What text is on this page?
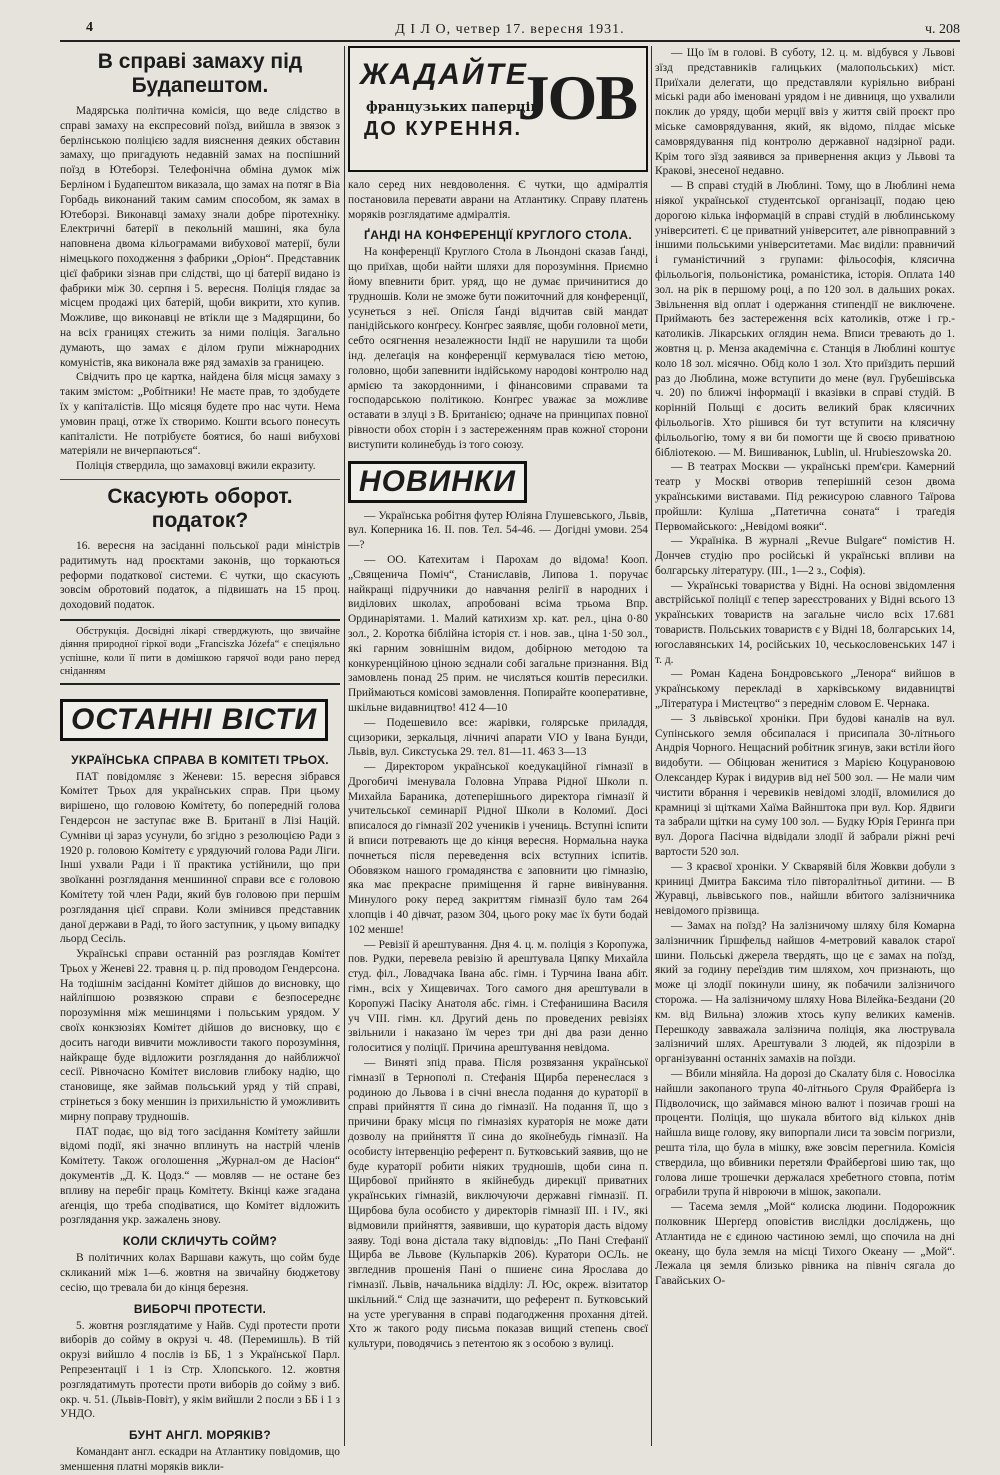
4	Д І Л О, четвер 17. вересня 1931.	ч. 208
В справі замаху під Будапештом.

Мадярська політична комісія, що веде слідство в справі замаху на експресовий поїзд, вийшла в звязок з берлінською поліцією задля вияснення деяких обставин замаху, що пригадують недавній замах на поспішний поїзд в Ютеборзі. Телефонічна обміна думок між Берліном і Будапештом виказала, що замах на потяг в Віа Горбадь виконаний таким самим способом, як замах в Ютеборзі. Виконавці замаху знали добре піротехніку. Електричні батерії в пекольній машині, яка була наповнена двома кільограмами вибухової матерії, були німецького походження з фабрики „Оріон“. Представник цієї фабрики зізнав при слідстві, що ці батерії видано із фабрики між 30. серпня і 5. вересня. Поліція глядає за місцем продажі цих батерій, щоби викрити, хто купив. Можливе, що виконавці не втікли ще з Мадярщини, бо на всіх границях стежить за ними поліція. Загально думають, що замах є ділом ґрупи міжнародних комуністів, яка виконала вже ряд замахів за границею.

Свідчить про це картка, найдена біля місця замаху з таким змістом: „Робітники! Не маєте прав, то здобудете їх у капіталістів. Що місяця будете про нас чути. Нема умовин праці, отже їх створимо. Кошти всього понесуть капіталісти. Не потрібуєте боятися, бо наші вибухові матеріяли не вичерпаються“.

Поліція ствердила, що замаховці вжили екразиту.

Скасують оборот. податок?

16. вересня на засіданні польської ради міністрів радитимуть над проєктами законів, що торкаються реформи податкової системи. Є чутки, що скасують зовсім обротовий податок, а підвишать на 15 проц. доходовий податок.

Обструкція. Досвідні лікарі стверджують, що звичайне діяння природної гіркої води „Franciszka Józefa“ є спеціяльно успішне, коли її пити в домішкою гарячої води рано перед сніданням

ОСТАННІ ВІСТИ
УКРАЇНСЬКА СПРАВА В КОМІТЕТІ ТРЬОХ.

ПАТ повідомляє з Женеви: 15. вересня зібрався Комітет Трьох для українських справ. При цьому вирішено, що головою Комітету, бо попередній голова Гендерсон не заступає вже В. Британії в Лізі Націй. Сумніви ці зараз усунули, бо згідно з резолюцією Ради з 1920 р. головою Комітету є урядуючий голова Ради Ліги. Інші ухвали Ради і її практика устійнили, що при звоїканні розглядання меншинної справи все є головою Комітету той член Ради, який був головою при першім розглядання цієї справи. Коли змінився представник даної держави в Раді, то його заступник, у цьому випадку льорд Сесіль.

Українські справи останній раз розглядав Комітет Трьох у Женеві 22. травня ц. р. під проводом Гендерсона. На тодішнім засіданні Комітет дійшов до висновку, що найліпшою розвязкою справи є безпосереднє порозуміння між мешинцями і польським урядом. У своїх конкзюзіях Комітет дійшов до висновку, що є досить нагоди вивчити можливости такого порозуміння, найкраще буде відложити розглядання до найближчої сесії. Рівночасно Комітет висловив глибоку надію, що становище, яке займав польський уряд у тій справі, стрінеться з боку меншин із прихильністю й уможливить мирну поправу трудношів.

ПАТ подає, що від того засідання Комітету зайшли відомі події, які значно вплинуть на настрій членів Комітету. Також оголошення „Журнал-ом де Насіон“ документів „Д. К. Цодз.“ — мовляв — не остане без впливу на перебіг праць Комітету. Вкінці каже згадана аґенція, що треба сподіватися, що Комітет відложить розглядання укр. зажалень знову.

КОЛИ СКЛИЧУТЬ СОЙМ?

В політичних колах Варшави кажуть, що сойм буде скликаний між 1—6. жовтня на звичайну бюджетову сесію, що тревала би до кінця березня.

ВИБОРЧІ ПРОТЕСТИ.

5. жовтня розглядатиме у Найв. Суді протести проти виборів до сойму в окрузі ч. 48. (Перемишль). В тій окрузі вийшло 4 послів із ББ, 1 з Української Парл. Репрезентації і 1 із Стр. Хлопського. 12. жовтня розглядатимуть протести проти виборів до сойму з виб. окр. ч. 51. (Львів-Повіт), у якім вийшли 2 посли з ББ і 1 з УНДО.

БУНТ АНГЛ. МОРЯКІВ?

Командант англ. ескадри на Атлантику повідомив, що зменшення платні моряків викли-

ЖАДАЙТЕ
французьких паперців
ДО КУРЕННЯ.
JOB

кало серед них невдоволення. Є чутки, що адміралтія постановила перевати аврани на Атлантику. Справу платень моряків розглядатиме адміралтія.

ҐАНДІ НА КОНФЕРЕНЦІЇ КРУГЛОГО СТОЛА.

На конференції Круглого Стола в Льондоні сказав Ґанді, що приїхав, щоби найти шляхи для порозуміння. Приємно йому впевнити брит. уряд, що не думає причинитися до трудношів. Коли не зможе бути пожиточний для конференції, усунеться з неї. Опісля Ґанді відчитав свій мандат панідійського конґресу. Конґрес заявляє, щоби головної мети, себто осягнення незалежности Індії не нарушили та щоби інд. делеґація на конференції кермувалася тією метою, головно, щоби запевнити індійському народові контролю над армією та закордонними, і фінансовими справами та господарською політикою. Конґрес уважає за можливе оставати в злуці з В. Британією; одначе на принципах повної рівности обох сторін і з застереженням прав кожної сторони виступити колинебудь із того союзу.

НОВИНКИ

— Українська робітня футер Юліяна Глушевського, Львів, вул. Коперника 16. II. пов. Тел. 54-46. — Догідні умови. 254—?

— ОО. Катехитам і Парохам до відома! Кооп. „Священича Поміч“, Станиславів, Липова 1. поручає найкращі підручники до навчання релігії в народних і виділових школах, апробовані всіма трьома Впр. Ординаріятами. 1. Малий катихизм хр. кат. рел., ціна 0·80 зол., 2. Коротка біблійна історія ст. і нов. зав., ціна 1·50 зол., які гарним зовнішнім видом, добірною методою та конкуренційною ціною зєднали собі загальне признання. Від замовлень понад 25 прим. не числяться коштів пересилки. Приймаються комісові замовлення. Попирайте кооперативне, шкільне видавництво! 412 4—10

— Подешевило все: жарівки, голярське приладдя, сцизорики, зеркальця, лічничі апарати VIO у Івана Бунди, Львів, вул. Сикстуська 29. тел. 81—11. 463 3—13

— Директором української коедукаційної гімназії в Дрогобичі іменувала Головна Управа Рідної Школи п. Михайла Бараника, дотеперішнього директора гімназії й учительської семинарії Рідної Школи в Коломиї. Досі вписалося до гімназії 202 учеників і учениць. Вступні іспити й вписи потревають ще до кінця вересня. Нормальна наука почнеться після переведення всіх вступних іспитів. Обовязком нашого громадянства є заповнити цю гімназію, яка має прекрасне приміщення й гарне вивінування. Минулого року перед закриттям гімназії було там 264 хлопців і 40 дівчат, разом 304, цього року має їх бути бодай 102 менше!

— Ревізії й арештування. Дня 4. ц. м. поліція з Коропужа, пов. Рудки, перевела ревізію й арештувала Цяпку Михайла студ. філ., Ловадчака Івана абс. гімн. і Турчина Івана абіт. гімн., всіх у Хищевичах. Того самого дня арештували в Коропужі Пасіку Анатоля абс. гімн. і Стефанишина Василя уч VIII. гімн. кл. Другий день по проведених ревізіях звільнили і наказано їм через три дні два рази денно голоситися у поліції. Причина арештування невідома.

— Виняті зпід права. Після розвязання української гімназії в Тернополі п. Стефанія Щирба перенеслася з родиною до Львова і в січні внесла подання до кураторії в справі прийняття її сина до гімназії. На подання її, що з причини браку місця по гімназіях кураторія не може дати дозволу на прийняття її сина до якоїнебудь гімназії. На особисту інтервенцію референт п. Бутковський заявив, що не буде кураторії робити ніяких трудношів, щоби сина п. Щирбової прийнято в якійнебудь дирекції приватних українських гімназій, виключуючи державні гімназії. П. Щирбова була особисто у директорів гімназії III. і IV., які відмовили прийняття, заявивши, що кураторія дасть відому заяву. Тоді вона дістала таку відповідь: „По Пані Стефанії Щирба ве Львове (Кульпарків 206). Куратори ОСЛь. не звгледнив прошенія Пані о пшиенє сина Ярослава до гімназії. Львів, начальника відділу: Л. Юс, окреж. візитатор шкільний.“ Слід ще зазначити, що референт п. Бутковський на усте урегування в справі подагодження прохання дітей. Хто ж такого роду письма показав вищий степень своєї культури, поводячись з петентою як з особою з вулиці.

— Що їм в голові. В суботу, 12. ц. м. відбувся у Львові зїзд представників галицьких (малопольських) міст. Приїхали делегати, що представляли куріяльно вибрані міські ради або іменовані урядом і не дивниця, що ухвалили поклик до уряду, щоби мерції ввіз у життя свій проєкт про міське самоврядування, який, як відомо, пілдає міське самоврядування під контролю державної надзірної ради. Крім того зїзд заявився за привернення акциз у Львові та Кракові, знесеної недавно.

— В справі студій в Люблині. Тому, що в Люблині нема ніякої української студентської організації, подаю цею дорогою кілька інформацій в справі студій в люблинському університеті. Є це приватний університет, але рівноправний з іншими польськими університетами. Має виділи: правничий і гуманістичний з групами: фільософія, клясична фільольогія, польоністика, романістика, історія. Оплата 140 зол. на рік в першому році, а по 120 зол. в дальших роках. Звільнення від оплат і одержання стипендії не виключене. Приймають без застереження всіх католиків, отже і гр.-католиків. Лікарських оглядин нема. Вписи тревають до 1. жовтня ц. р. Менза академічна є. Станція в Люблині коштує коло 18 зол. місячно. Обід коло 1 зол. Хто приїздить перший раз до Люблина, може вступити до мене (вул. Грубешівська ч. 20) по ближчі інформації і вказівки в справі студій. В корінній Польщі є досить великий брак клясичних фільольогів. Хто рішився би тут вступити на клясичну фільольогію, тому я ви би помогти ще й своєю приватною бібліотекою. — М. Вишиванюк, Lublin, ul. Hrubieszowska 20.

— В театрах Москви — українські прем'єри. Камерний театр у Москві отворив теперішній сезон двома українськими виставами. Під режисурою славного Таїрова пройшли: Куліша „Патетична соната“ і траґедія Первомайського: „Невідомі вояки“.

— Україніка. В журналі „Revue Bulgare“ помістив Н. Дончев студію про російські й українські впливи на болгарську літературу. (III., 1—2 з., Софія).

— Українські товариства у Відні. На основі звідомлення австрійської поліції є тепер зареєстрованих у Відні всього 13 українських товариств на загальне число всіх 17.681 товариств. Польських товариств є у Відні 18, болгарських 14, югославянських 14, російських 10, чеськословенських 147 і т. д.

— Роман Кадена Бондровського „Ленора“ вийшов в українському перекладі в харківському видавництві „Література і Мистецтво“ з переднім словом Е. Чернака.

— З львівської хроніки. При будові каналів на вул. Супінського земля обсипалася і присипала 30-літнього Андрія Чорного. Нещасний робітник згинув, заки встіли його видобути. — Обіцюван женитися з Марією Коцурановою Олександер Курак і видурив від неї 500 зол. — Не мали чим чистити вбрання і черевиків невідомі злодії, вломилися до крамниці зі щітками Хаїма Вайнштока при вул. Кор. Ядвиги та забрали щітки на суму 100 зол. — Будку Юрія Геринґа при вул. Дорога Пасічна відвідали злодії й забрали ріжні речі вартости 520 зол.

— З краєвої хроніки. У Скварявій біля Жовкви добули з криниці Дмитра Баксима тіло півторалітньої дитини. — В Журавці, львівського пов., найшли вбитого залізничника невідомого прізвища.

— Замах на поїзд? На залізничому шляху біля Комарна залізничник Ґіршфельд найшов 4-метровий кавалок старої шини. Польські джерела твердять, що це є замах на поїзд, який за годину переїздив тим шляхом, хоч признають, що може ці злодії покинули шину, як побачили залізничого сторожа. — На залізничому шляху Нова Вілейка-Бездани (20 км. від Вильна) зложив хтось купу великих каменів. Перешкоду завважала залізнича поліція, яка люструвала залізничий шлях. Арештували 3 людей, як підозріли в організуванні останніх замахів на поїзди.

— Вбили міняйла. На дорозі до Скалату біля с. Новосілка найшли закопаного трупа 40-літнього Сруля Фрайберґа із Підволочиск, що займався міною валют і позичав гроші на проценти. Поліція, що шукала вбитого від кількох днів найшла вище голову, яку випорпали лиси та зовсім погризли, решта тіла, що була в мішку, вже зовсім перегнила. Комісія ствердила, що вбивники перетяли Фрайберґові шию так, що голова лише трошечки держалася хребетного стовпа, потім ограбили трупа й нівроючи в мішок, закопали.

— Тасема земля „Мой“ колиска людини. Подорожник полковник Шерґерд оповістив вислідки досліджень, що Атлантида не є єдиною частиною землі, що спочила на дні океану, що була земля на місці Тихого Океану — „Мой“. Лежала ця земля близько рівника на північ сягала до Гавайських О-
